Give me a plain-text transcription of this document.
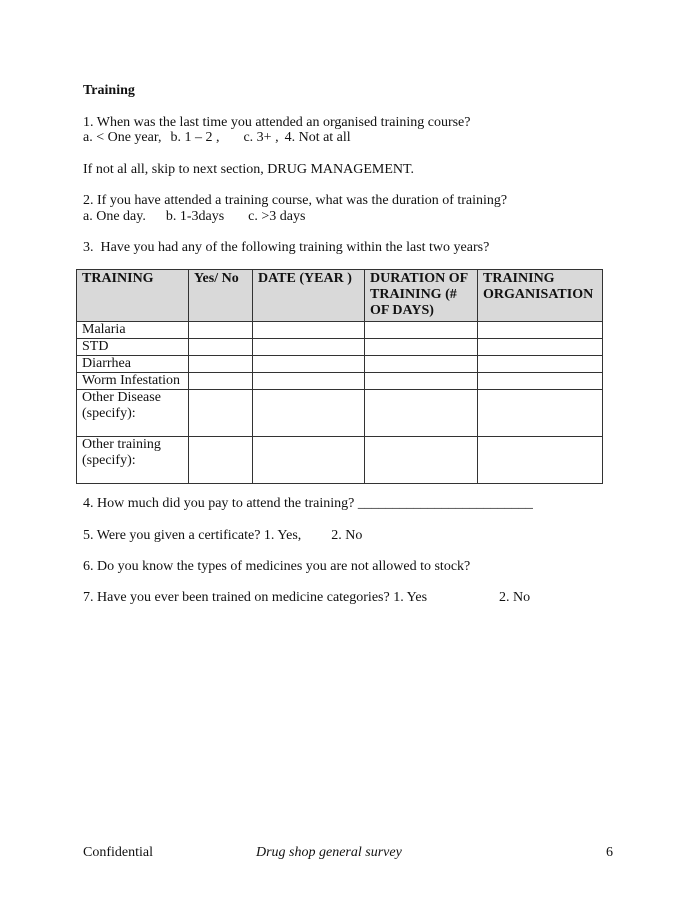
Training
1. When was the last time you attended an organised training course?
a. < One year, b. 1 – 2 , c. 3+ , 4. Not at all
If not al all, skip to next section, DRUG MANAGEMENT.
2. If you have attended a training course, what was the duration of training?
a. One day. b. 1-3days c. >3 days
3.  Have you had any of the following training within the last two years?
TRAINING	Yes/ No	DATE (YEAR )	DURATION OF TRAINING (# OF DAYS)	TRAINING ORGANISATION
Malaria				
STD				
Diarrhea				
Worm Infestation				
Other Disease (specify):				
Other training (specify):				
4. How much did you pay to attend the training? _________________________
5. Were you given a certificate? 1. Yes, 2. No
6. Do you know the types of medicines you are not allowed to stock?
7. Have you ever been trained on medicine categories? 1. Yes	2. No
Confidential	Drug shop general survey	6
